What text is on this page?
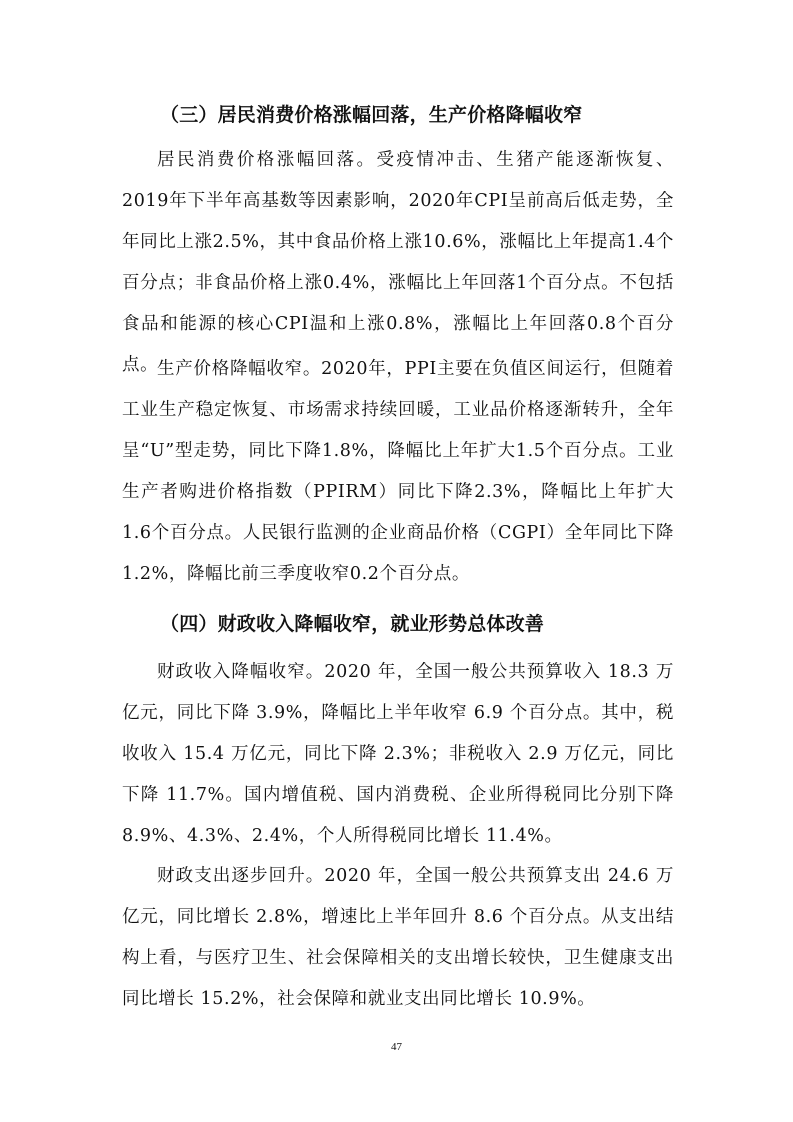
（三）居民消费价格涨幅回落，生产价格降幅收窄
居民消费价格涨幅回落。受疫情冲击、生猪产能逐渐恢复、2019年下半年高基数等因素影响，2020年CPI呈前高后低走势，全年同比上涨2.5%，其中食品价格上涨10.6%，涨幅比上年提高1.4个百分点；非食品价格上涨0.4%，涨幅比上年回落1个百分点。不包括食品和能源的核心CPI温和上涨0.8%，涨幅比上年回落0.8个百分点。
生产价格降幅收窄。2020年，PPI主要在负值区间运行，但随着工业生产稳定恢复、市场需求持续回暖，工业品价格逐渐转升，全年呈“U”型走势，同比下降1.8%，降幅比上年扩大1.5个百分点。工业生产者购进价格指数（PPIRM）同比下降2.3%，降幅比上年扩大1.6个百分点。人民银行监测的企业商品价格（CGPI）全年同比下降 1.2%，降幅比前三季度收窄0.2个百分点。
（四）财政收入降幅收窄，就业形势总体改善
财政收入降幅收窄。2020 年，全国一般公共预算收入 18.3 万亿元，同比下降 3.9%，降幅比上半年收窄 6.9 个百分点。其中，税收收入 15.4 万亿元，同比下降 2.3%；非税收入 2.9 万亿元，同比下降 11.7%。国内增值税、国内消费税、企业所得税同比分别下降 8.9%、4.3%、2.4%，个人所得税同比增长 11.4%。
财政支出逐步回升。2020 年，全国一般公共预算支出 24.6 万亿元，同比增长 2.8%，增速比上半年回升 8.6 个百分点。从支出结构上看，与医疗卫生、社会保障相关的支出增长较快，卫生健康支出同比增长 15.2%，社会保障和就业支出同比增长 10.9%。
47
